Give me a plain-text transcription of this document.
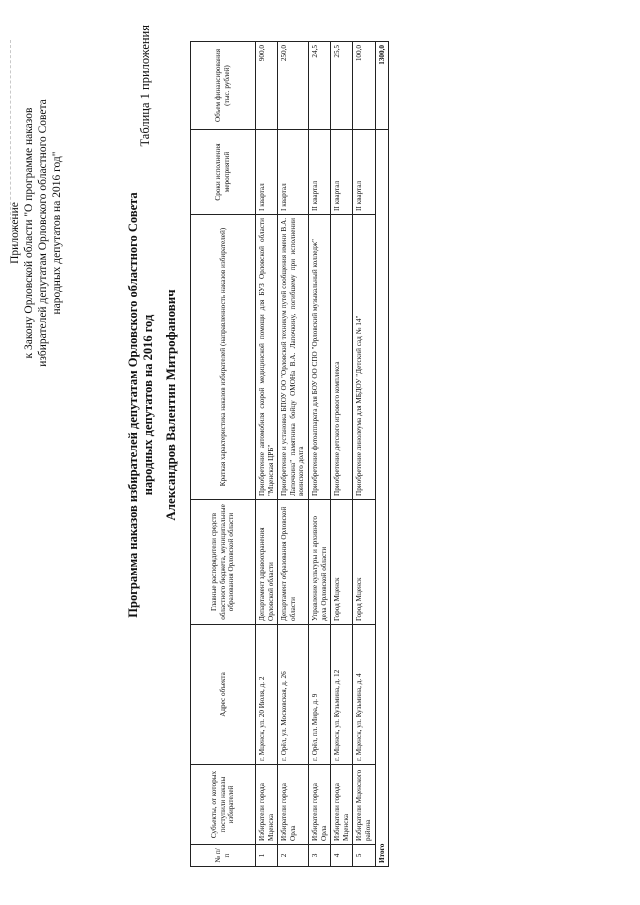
Приложение к Закону Орловской области "О программе наказов избирателей депутатам Орловского областного Совета народных депутатов на 2016 год"
Таблица 1 приложения
Программа наказов избирателей депутатам Орловского областного Совета народных депутатов на 2016 год Александров Валентин Митрофанович
№ п/п	Субъекты, от которых поступили наказы избирателей	Адрес объекта	Главные распорядители средств областного бюджета, муниципальные образования Орловской области	Краткая характеристика наказов избирателей (направленность наказов избирателей)	Сроки исполнения мероприятий	Объем финансирования (тыс. рублей)
1	Избиратели города Мценска	г. Мценск, ул. 20 Июля, д. 2	Департамент здравоохранения Орловской области	Приобретение автомобиля скорой медицинской помощи для БУЗ Орловской области "Мценская ЦРБ"	I квартал	900,0
2	Избиратели города Орла	г. Орёл, ул. Московская, д. 26	Департамент образования Орловской области	Приобретение и установка БПОУ ОО "Орловский техникум путей сообщения имени В.А. Лапочкина" памятника бойцу ОМОНа В.А. Лапочкину, погибшему при исполнении воинского долга	I квартал	250,0
3	Избиратели города Орла	г. Орёл, пл. Мира, д. 9	Управление культуры и архивного дела Орловской области	Приобретение фотоаппарата для БОУ ОО СПО "Орловский музыкальный колледж"	II квартал	24,5
4	Избиратели города Мценска	г. Мценск, ул. Кузьмина, д. 12	Город Мценск	Приобретение детского игрового комплекса	II квартал	25,5
5	Избиратели Мценского района	г. Мценск, ул. Кузьмина, д. 4	Город Мценск	Приобретение линолеума для МБДОУ "Детский сад № 14"	II квартал	100,0
Итого						1300,0
